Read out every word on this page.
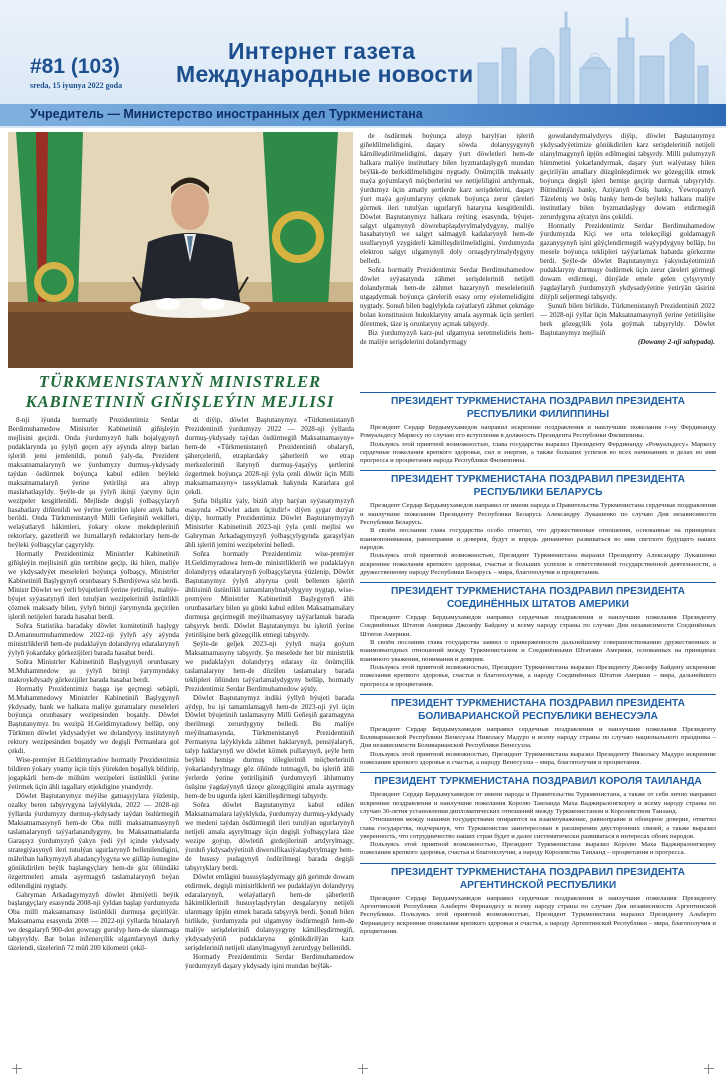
#81 (103)
sreda, 15 iyunya 2022 goda
Интернет газета
Международные новости
Учредитель — Министерство иностранных дел Туркменистана
TÜRKMENISTANYŇ MINISTRLER
KABINETINIŇ GIŇIŞLEÝIN MEJLISI

8-nji iýunda hormatly Prezidentimiz Serdar Berdimuhamedow Ministrler Kabinetiniň giňişleýin mejlisini geçirdi. Onda ýurdumyzyň halk hojalygynyň pudaklarynda şu ýylyň geçen aýy aýynda alnyp barlan işleriň jemi jemlenildi, ponuň ýaly-da, Prezident maksatnamalarynyň we ýurdumyzy durmuş-ykdysady taýdan ösdürmek boýunça kabul edilen beýleki maksatnamalaryň ýerine ýetirilişi ara alnyp maslahatlaşyldy. Şeýle-de şu ýylyň ikinji ýarymy üçin wezipeler kesgitlenildi. Mejlisde degişli ýolbaşçylaryň hasabatlary diňlenildi we ýerine ýetirilen işlere anyk baha berildi. Onda Türkmenistanyň Milli Geňeşiniň wekilleri, welaýatlaryň häkimleri, ýokary okuw mekdepleriniň rektorlary, gazetleriň we žurnallaryň redaktorlary hem-de beýleki ýolbaşçylar çagyryldy.

Hormatly Prezidentimiz Ministrler Kabinetiniň giňişleýin mejlisiniň gün tertibine geçip, iki bilen, maliýe we ykdysadyýet meseleleri boýunça ýolbaşçy, Ministrler Kabinetiniň Başlygynyň orunbasary S.Berdiýewa söz berdi. Ministr Döwlet we ýerli býujetleriň ýerine ýetirilişi, maliýe-býujet syýasatynyň ileri tutulýan wezipeleriniň üstünlikli çözmek maksady bilen, ýylyň birinji ýarymynda geçirilen işleriň netijeleri barada hasabat berdi.

Soňra Statistika baradaky döwlet komitetiniň başlygy D.Amannurmuhammedow 2022-nji ýylyň aýy aýynda ministrlikleriň hem-de pudaklaýyn dolandyryş edaralarynyň ýylyň ýokardaky görkezijileri barada hasabat berdi.

Soňra Ministrler Kabinetiniň Başlygynyň orunbasary M.Muhammedow şu ýylyň birinji ýarymyndaky makroykdysady görkezijiler barada hasabat berdi.

Hormatly Prezidentimiz başga işe geçmegi sebäpli, M.Muhammedowy Ministrler Kabinetiniň Başlygynyň ýkdysady, bank we halkara maliýe guramalary meseleleri boýunça orunbasary wezipesinden boşatdy. Döwlet Baştutanymyz bu wezipä H.Geldimyradowy belläp, ony Türkmen döwlet ykdysadyýet we dolandyryş institutynyň rektory wezipesinden boşatdy we degişli Permanlara gol çekdi.

Wise-premýer H.Geldimyradow hormatly Prezidentimiz bildiren ýokary ynamy üçin tüýs ýürekden hoşallyk bildirip, jogapkärli hem-de möhüm wezipeleri üstünlikli ýerine ýetirmek üçin ähli tagallary etjekdigine ynandyrdy.

Döwlet Baştutanymyz meýilse gatnaşyjylara ýüzlenip, ozalky beren tabşyrygyna laýyklykda, 2022 — 2028-nji ýyllarda ýurdumyzy durmuş-ykdysady taýdan ösdürmegiň Maksatnamasynyň hem-de Oba milli maksatnamasynyň taslamalarynyň taýýarlanandygyny, bu Maksatnamalarda Garaşsyz ýurdumyzyň ýakyn ýedi ýyl içinde ykdysady strategiýasynyň ileri tutulýan ugurlarynyň bellenilendigini, mähriban halkymyzyň abadançylygyna we gülläp ösmegine gönükdirilen beýik başlangyçlary hem-de göz öňündäki özgertmeleri amala aşyrmagyň taslamalarynyň beýan edilendigini nygtady.

Gahryman Arkadagymyzyň döwlet ähmiýetli beýik başlangyçlary esasynda 2008-nji ýyldan başlap ýurdumyzda Oba milli maksatnamasy üstünlikli durmuşa geçirilýär. Maksatnama esasynda 2008 — 2022-nji ýyllarda binalaryň we desgalaryň 900-den gowragy gurulyp hem-de ulanmaga tabşyryldy. Bar bolan inženerçilik ulgamlarynyň durky täzelendi, täzelerinň 72 müň 200 kilometri çekil-

di diýip, döwlet Baştutanymyz «Türkmenistanyň Prezidentiniň ýurdumyzy 2022 — 2028-nji ýyllarda durmuş-ykdysady taýdan ösdürmegiň Maksatnamasyny» hem-de «Türkmenistanyň Prezidentiniň obalaryň, şäherçeleriň, etraplardaky şäherleriň we etrap merkezleriniň ilatynyň durmuş-ýaşaýyş şertlerini özgertmek boýunça 2028-nji ýyla çenli döwür üçin Milli maksatnamasyny» tassyklamak hakynda Kararlara gol çekdi.

Şuňa bilşiňiz ýaly, biziň alyp barýan syýasatymyzyň esasynda «Döwlet adam üçindir!» diýen şygar durýar diýip, hormatly Prezidentimiz Döwlet Baştutanymyzyň Ministrler Kabinetiniň 2023-nji ýyla çenli mejlisi we Gahryman Arkadagymyzyň ýolbaşçylygynda garaşylýan ähli işleriň jemini wezipelerini belledi.

Soňra hormatly Prezidentimiz wise-premýer H.Geldimyradowa hem-de ministrlikleriň we pudaklaýyn dolandyryş edaralarynyň ýolbaşçylaryna ýüzlenip, Döwlet Baştutanymyz ýylyň ahyryna çenli bellenen işleriň ähliisiniň üstünlikli tamamlanylmalydygyny nygtap, wise-premýere Ministrler Kabinetiniň Başlygynyň ähli orunbasarlary bilen şu günki kabul edilen Maksatnamalary durmuşa geçirmegiň meýilnamasyny taýýarlamak barada tabşyryk berdi. Döwlet Baştutanymyz bu işleriň ýerine ýetirilişine berk gözegçilik etmegi tabşyrdy.

Şeýle-de geljek 2023-nji ýylyň maýa goýum Maksatnamasyny tabşyrdy. Şu meselede her bir ministrlik we pudaklaýyn dolandyryş edarasy öz önümçilik taslamalaryny hem-de düzülen taslamalary barada teklipleri öňünden taýýarlamalydygyny belläp, hormatly Prezidentimiz Serdar Berdimuhamedow aýtdy.

Döwlet Baştutanymyz indiki ýyllyň býujeti barada aýdyp, bu işi tamamlamagyň hem-de 2023-nji ýyl üçin Döwlet býujetiniň taslamasyny Milli Geňeşiň garamagyna iberilmegi zerurdygyny belledi. Bu maliýe meýilnamasynda, Türkmenistanyň Prezidentiniň Permanyna laýyklykda zähmet haklarynyň, pensiýalaryň, talyp haklarynyň we döwlet kömek pullarynyň, şeýle hem beýleki hemişe durmuş tölegleriniň möçberleriniň ýokarlandyrylmagy göz öňünde tutmagyň, bu işleriň ähli ýerlerde ýerine ýetirilişiniň ýurdumyzyň ählumumy ösüşine ýagdaýynyň täzeçe gözegçiligini amala aşyrmagy hem-de bu ugurda işleri kämilleşdirmegi tabşyrdy.

Soňra döwlet Baştutanymyz kabul edilen Maksatnamalara laýyklykda, ýurdumyzy durmuş-ykdysady we medeni taýdan ösdürmegiň ileri tutulýan ugurlarynyň netijeli amala aşyrylmagy üçin degişli ýolbaşçylara täze wezipe goýup, döwletiň girdejileriniň artdyrylmagy, ýurduň ykdysadyýetiniň diwersifikasiýalaşdyrylmagy hem-de hususy pudagynyň ösdürilmegi barada degişli tabşyryklary berdi.

Döwlet emlägini hususylaşdyrmagy giň gerimde dowam etdirmek, degişli ministrlikleriň we pudaklaýyn dolandyryş edaralarynyň, welaýatlaryň hem-de şäherleriň häkimlikleriniň hususylaşdyrylan desgalaryny netijeli ulanmagy üpjün etmek barada tabşyryk berdi. Şonuň bilen birlikde, ýurdumyzda pul ulgamyny ösdürmegiň hem-de maliýe serişdeleriniň dolanyşygyny kämilleşdirmegiň, ykdysadyýetiň pudaklaryna gönükdirilýän karz serişdeleriniň netijeli ulanylmagynyň zerurdygy bellenildi.

Hormatly Prezidentimiz Serdar Berdimuhamedow ýurdumyzyň daşary ykdysady işini mundan beýläk-

de ösdürmek boýunça alnyp barylýan işleriň giňeldilmelidigini, daşary söwda dolanyşygynyň kämilleşdirilmelidigini, daşary ýurt döwletleri hem-de halkara maliýe institutlary bilen hyzmatdaşlygyň mundan beýläk-de berkidilmelidigini nygtady. Önümçilik maksatly maýa goýumlaryň möçberlerini we netijeliligini artdyrmak, ýurdumyz üçin amatly şertlerde karz serişdelerini, daşary ýurt maýa goýumlaryny çekmek boýunça zerur çäreleri görmek ileri tutulýan ugurlaryň hataryna kesgitlenildi. Döwlet Baştutanymyz halkara reýting esasynda, býujet-salgyt ulgamynyň döwrebaplaşdyrylmalydygyny, maliýe hasabatynyň we salgyt salmagyň kadalarynyň hem-de usullarynyň yzygiderli kämilleşdirilmelidigini, ýurdumyzda elektron salgyt ulgamynyň doly ornaşdyrylmalydygyny belledi.

Soňra hormatly Prezidentimiz Serdar Berdimuhamedow döwlet syýasatynda zähmet serişdeleriniň netijeli dolandyrmak hem-de zähmet bazarynyň meseleleriniň utgaşdyrmak boýunça çäreleriň esasy orny eýelemelidigini nygtady. Şonuň bilen baglylykda raýatlaryň zähmet çekmäge bolan konstitusion hukuklaryny amala aşyrmak üçin şertleri döretmek, täze iş orunlaryny açmak tabşyrdy.

Biz ýurdumyzyň karz-pul ulgamyna seretmelidiris hem-de maliýe serişdelerini dolandyrmagy

gowulandyrmalydyrys diýip, döwlet Baştutanymyz ykdysadyýetimize gönükdirilen karz serişdeleriniň netijeli ulanylmagynyň üpjün edilmegini tabşyrdy. Milli pulumyzyň hümmetini ýokarlandyrmak, daşary ýurt walýutasy bilen geçirilýän amallary düzgünleşdirmek we gözegçilik etmek boýunça degişli işleri hemişe geçirip durmak tabşyryldy. Bütindünýä banky, Aziýanyň Ösüş banky, Ýewropanyň Täzeleniş we ösüş banky hem-de beýleki halkara maliýe institutlary bilen hyzmatdaşlygy dowam etdirmegiň zerurdygyna aýratyn üns çekildi.

Hormatly Prezidentimiz Serdar Berdimuhamedow ýurdumyzda Kiçi we orta telekeçiligi goldamagyň gazanyşynyň işini güýçlendirmegiň waýypdygyny belläp, bu mesele boýunça teklipleri taýýarlamak babatda görkezme berdi. Şeýle-de döwlet Baştutanymyz ýakyndaýetimiziň pudaklaryny durmuşy ösdürmek üçin zerur çäreleri görmegi dowam etdirmegi, dünýäde emele gelen çylşyrymly ýagdaýlaryň ýurdumyzyň ykdysadyýetine ýetirýän täsirini düýpli seljermegi tabşyrdy.

Şunuň bilen birlikde, Türkmenistanyň Prezidentiniň 2022 — 2028-nji ýyllar üçin Maksatnamasynyň ýerine ýetirilişine berk gözegçilik ýola goýmak tabşyryldy. Döwlet Baştutanymyz mejlisiň

(Dowamy 2-nji sahypada).

ПРЕЗИДЕНТ ТУРКМЕНИСТАНА ПОЗДРАВИЛ ПРЕЗИДЕНТА РЕСПУБЛИКИ ФИЛИППИНЫ

Президент Сердар Бердымухамедов направил искренние поздравления и наилучшие пожелания г-ну Фердинанду Ромуальдесу Маркосу по случаю его вступления в должность Президента Республики Филиппины.

Пользуясь этой приятной возможностью, глава государства выразил Президенту Фердинанду «Ромуальдесу» Маркосу сердечные пожелания крепкого здоровья, сил и энергии, а также больших успехов во всех начинаниях и делах во имя прогресса и процветания народа Республики Филиппины.

ПРЕЗИДЕНТ ТУРКМЕНИСТАНА ПОЗДРАВИЛ ПРЕЗИДЕНТА РЕСПУБЛИКИ БЕЛАРУСЬ

Президент Сердар Бердымухамедов направил от имени народа и Правительства Туркменистана сердечные поздравления и наилучшие пожелания Президенту Республики Беларусь Александру Лукашенко по случаю Дня независимости Республики Беларусь.

В своём послании глава государства особо отметил, что дружественные отношения, основанные на принципах взаимопонимания, равноправия и доверия, будут и впредь динамично развиваться во имя светлого будущего наших народов.

Пользуясь этой приятной возможностью, Президент Туркменистана выразил Президенту Александру Лукашенко искренние пожелания крепкого здоровья, счастья и больших успехов в ответственной государственной деятельности, а дружественному народу Республики Беларусь – мира, благополучия и процветания.

ПРЕЗИДЕНТ ТУРКМЕНИСТАНА ПОЗДРАВИЛ ПРЕЗИДЕНТА СОЕДИНЁННЫХ ШТАТОВ АМЕРИКИ

Президент Сердар Бердымухамедов направил сердечные поздравления и наилучшие пожелания Президенту Соединённых Штатов Америки Джозефу Байдену и всему народу страны по случаю Дня независимости Соединённых Штатов Америки.

В своём послании глава государства заявил о приверженности дальнейшему совершенствованию дружественных и взаимовыгодных отношений между Туркменистаном и Соединёнными Штатами Америки, основанных на принципах взаимного уважения, понимания и доверия.

Пользуясь этой приятной возможностью, Президент Туркменистана выразил Президенту Джозефу Байдену искренние пожелания крепкого здоровья, счастья и благополучия, а народу Соединённых Штатов Америки – мира, дальнейшего прогресса и процветания.

ПРЕЗИДЕНТ ТУРКМЕНИСТАНА ПОЗДРАВИЛ ПРЕЗИДЕНТА БОЛИВАРИАНСКОЙ РЕСПУБЛИКИ ВЕНЕСУЭЛА

Президент Сердар Бердымухамедов направил сердечные поздравления и наилучшие пожелания Президенту Боливарианской Республики Венесуэла Николасу Мадуро и всему народу страны по случаю национального праздника – Дня независимости Боливарианской Республики Венесуэла.

Пользуясь этой приятной возможностью, Президент Туркменистана выразил Президенту Николасу Мадуро искренние пожелания крепкого здоровья и счастья, а народу Венесуэлы – мира, благополучия и процветания.

ПРЕЗИДЕНТ ТУРКМЕНИСТАНА ПОЗДРАВИЛ КОРОЛЯ ТАИЛАНДА

Президент Сердар Бердымухамедов от имени народа и Правительства Туркменистана, а также от себя лично направил искренние поздравления и наилучшие пожелания Королю Таиланда Маха Ваджиралонгкорну и всему народу страны по случаю 30-летия установления дипломатических отношений между Туркменистаном и Королевством Таиланд.

Отношения между нашими государствами опираются на взаимоуважение, равноправие и обоюдное доверие, отметил глава государства, подчеркнув, что Туркменистан заинтересован в расширении двусторонних связей, а также выразил уверенность, что сотрудничество наших стран будет и далее систематически развиваться в интересах обоих народов.

Пользуясь этой приятной возможностью, Президент Туркменистана выразил Королю Маха Ваджиралонгкорну пожелания крепкого здоровья, счастья и благополучия, а народу Королевства Таиланд – процветания и прогресса.

ПРЕЗИДЕНТ ТУРКМЕНИСТАНА ПОЗДРАВИЛ ПРЕЗИДЕНТА АРГЕНТИНСКОЙ РЕСПУБЛИКИ

Президент Сердар Бердымухамедов направил сердечные поздравления и наилучшие пожелания Президенту Аргентинской Республики Альберто Фернандесу и всему народу страны по случаю Дня независимости Аргентинской Республики. Пользуясь этой приятной возможностью, Президент Туркменистана выразил Президенту Альберто Фернандесу искренние пожелания крепкого здоровья и счастья, а народу Аргентинской Республики – мира, благополучия и процветания.
